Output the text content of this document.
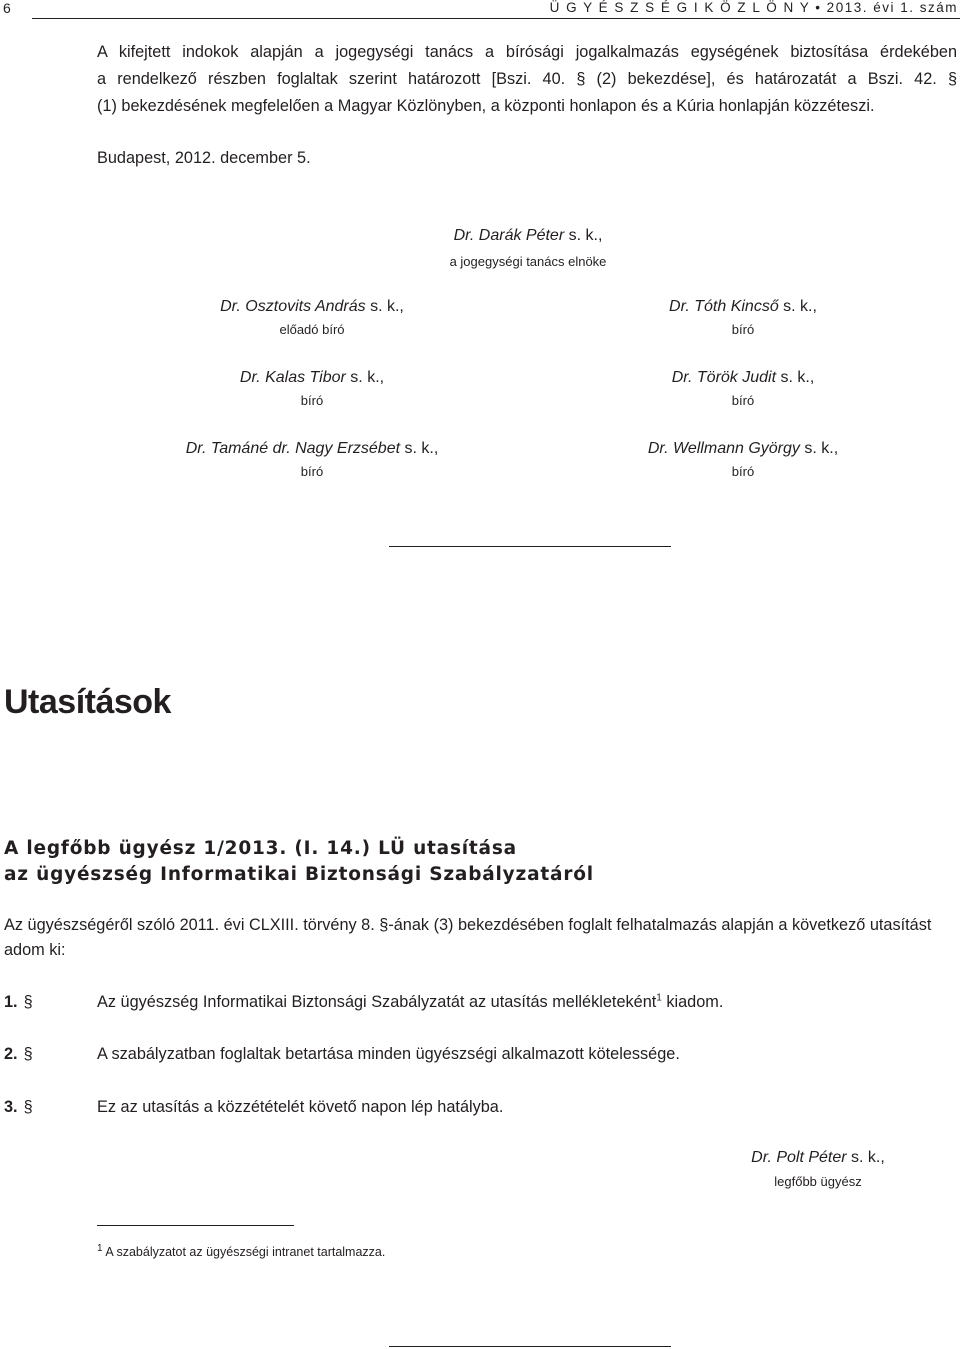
6	Ü G Y É S Z S É G I K Ö Z L Ö N Y • 2013. évi 1. szám
A kifejtett indokok alapján a jogegységi tanács a bírósági jogalkalmazás egységének biztosítása érdekében
a rendelkező részben foglaltak szerint határozott [Bszi. 40. § (2) bekezdése], és határozatát a Bszi. 42. §
(1) bekezdésének megfelelően a Magyar Közlönyben, a központi honlapon és a Kúria honlapján közzéteszi.
Budapest, 2012. december 5.
Dr. Darák Péter s. k.,
a jogegységi tanács elnöke
Dr. Osztovits András s. k.,
előadó bíró
Dr. Kalas Tibor s. k.,
bíró
Dr. Tamáné dr. Nagy Erzsébet s. k.,
bíró
Dr. Tóth Kincső s. k.,
bíró
Dr. Török Judit s. k.,
bíró
Dr. Wellmann György s. k.,
bíró
Utasítások
A legfőbb ügyész 1/2013. (I. 14.) LÜ utasítása
az ügyészség Informatikai Biztonsági Szabályzatáról
Az ügyészségéről szóló 2011. évi CLXIII. törvény 8. §-ának (3) bekezdésében foglalt felhatalmazás alapján a következő utasítást
adom ki:
1. §	Az ügyészség Informatikai Biztonsági Szabályzatát az utasítás mellékleteként$^1$ kiadom.
2. §	A szabályzatban foglaltak betartása minden ügyészségi alkalmazott kötelessége.
3. §	Ez az utasítás a közzétételét követő napon lép hatályba.
Dr. Polt Péter s. k.,
legfőbb ügyész
$^1$ A szabályzatot az ügyészségi intranet tartalmazza.
